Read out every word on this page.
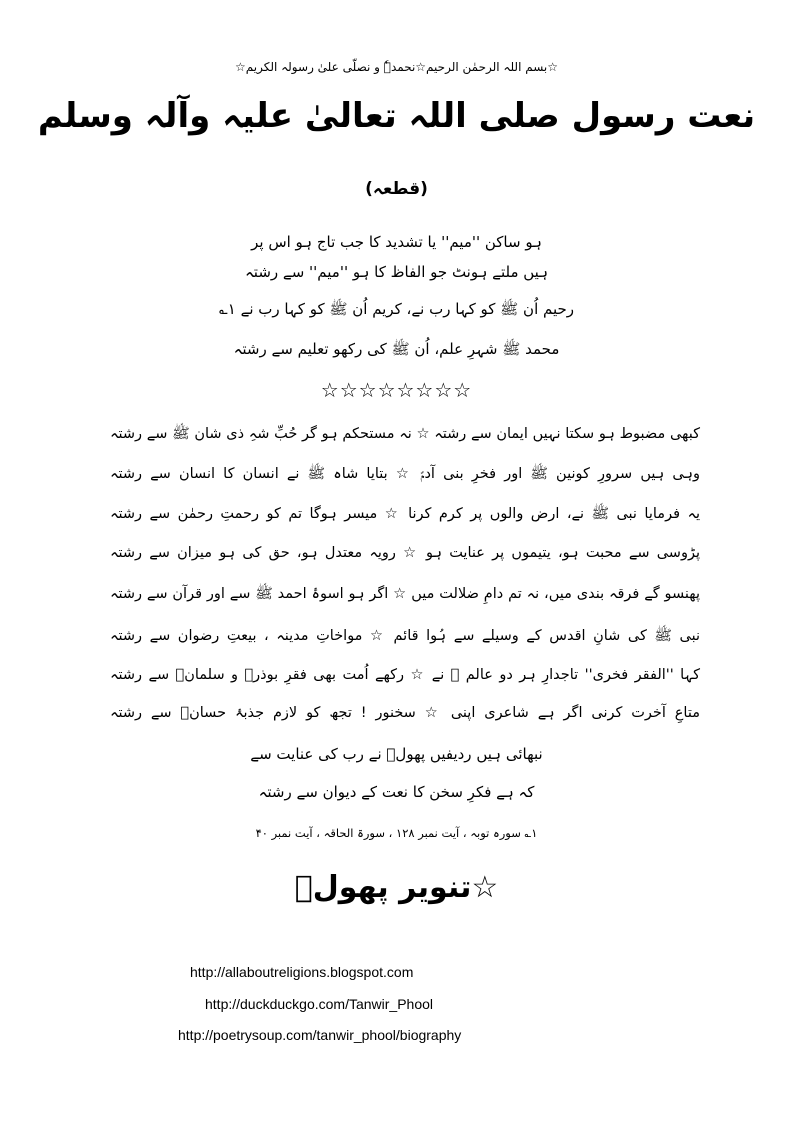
☆بسم اللہ الرحمٰن الرحیم☆نحمدہٗ و نصلّی علیٰ رسولہ الکریم☆
نعت رسول صلی اللہ تعالیٰ علیہ وآلہ وسلم
(قطعہ)
ہو ساکن ''میم'' یا تشدید کا جب تاج ہو اس پر
ہیں ملتے ہونٹ جو الفاظ کا ہو ''میم'' سے رشتہ
رحیم اُن ﷺ کو کہا رب نے، کریم اُن ﷺ کو کہا رب نے ۱؎
محمد ﷺ شہرِ علم، اُن ﷺ کی رکھو تعلیم سے رشتہ
☆☆☆☆☆☆☆☆
کبھی مضبوط ہو سکتا نہیں ایمان سے رشتہ ☆ نہ مستحکم ہو گر حُبِّ شہِ ذی شان ﷺ سے رشتہ
وہی ہیں سرورِ کونین ﷺ اور فخرِ بنی آدمؑ ☆ بتایا شاہ ﷺ نے انسان کا انسان سے رشتہ
یہ فرمایا نبی ﷺ نے، ارض والوں پر کرم کرنا ☆ میسر ہوگا تم کو رحمتِ رحمٰن سے رشتہ
پڑوسی سے محبت ہو، یتیموں پر عنایت ہو ☆ رویہ معتدل ہو، حق کی ہو میزان سے رشتہ
پھنسو گے فرقہ بندی میں، نہ تم دامِ ضلالت میں ☆ اگر ہو اسوۂ احمد ﷺ سے اور قرآن سے رشتہ
نبی ﷺ کی شانِ اقدس کے وسیلے سے ہُوا قائم ☆ مواخاتِ مدینہ ، بیعتِ رضوان سے رشتہ
کہا ''الفقر فخری'' تاجدارِ ہر دو عالم ﷺ نے ☆ رکھے اُمت بھی فقرِ بوذرؓ و سلمانؓ سے رشتہ
متاعِ آخرت کرنی اگر ہے شاعری اپنی ☆ سخنور ! تجھ کو لازم جذبۂ حسانؓ سے رشتہ
نبھائی ہیں ردیفیں پھولؔ نے رب کی عنایت سے
کہ ہے فکرِ سخن کا نعت کے دیوان سے رشتہ
۱؎ سورہ توبہ ، آیت نمبر ۱۲۸ ، سورۃ الحاقہ ، آیت نمبر ۴۰
☆تنویر پھولؔ
http://allaboutreligions.blogspot.com
http://duckduckgo.com/Tanwir_Phool
http://poetrysoup.com/tanwir_phool/biography
